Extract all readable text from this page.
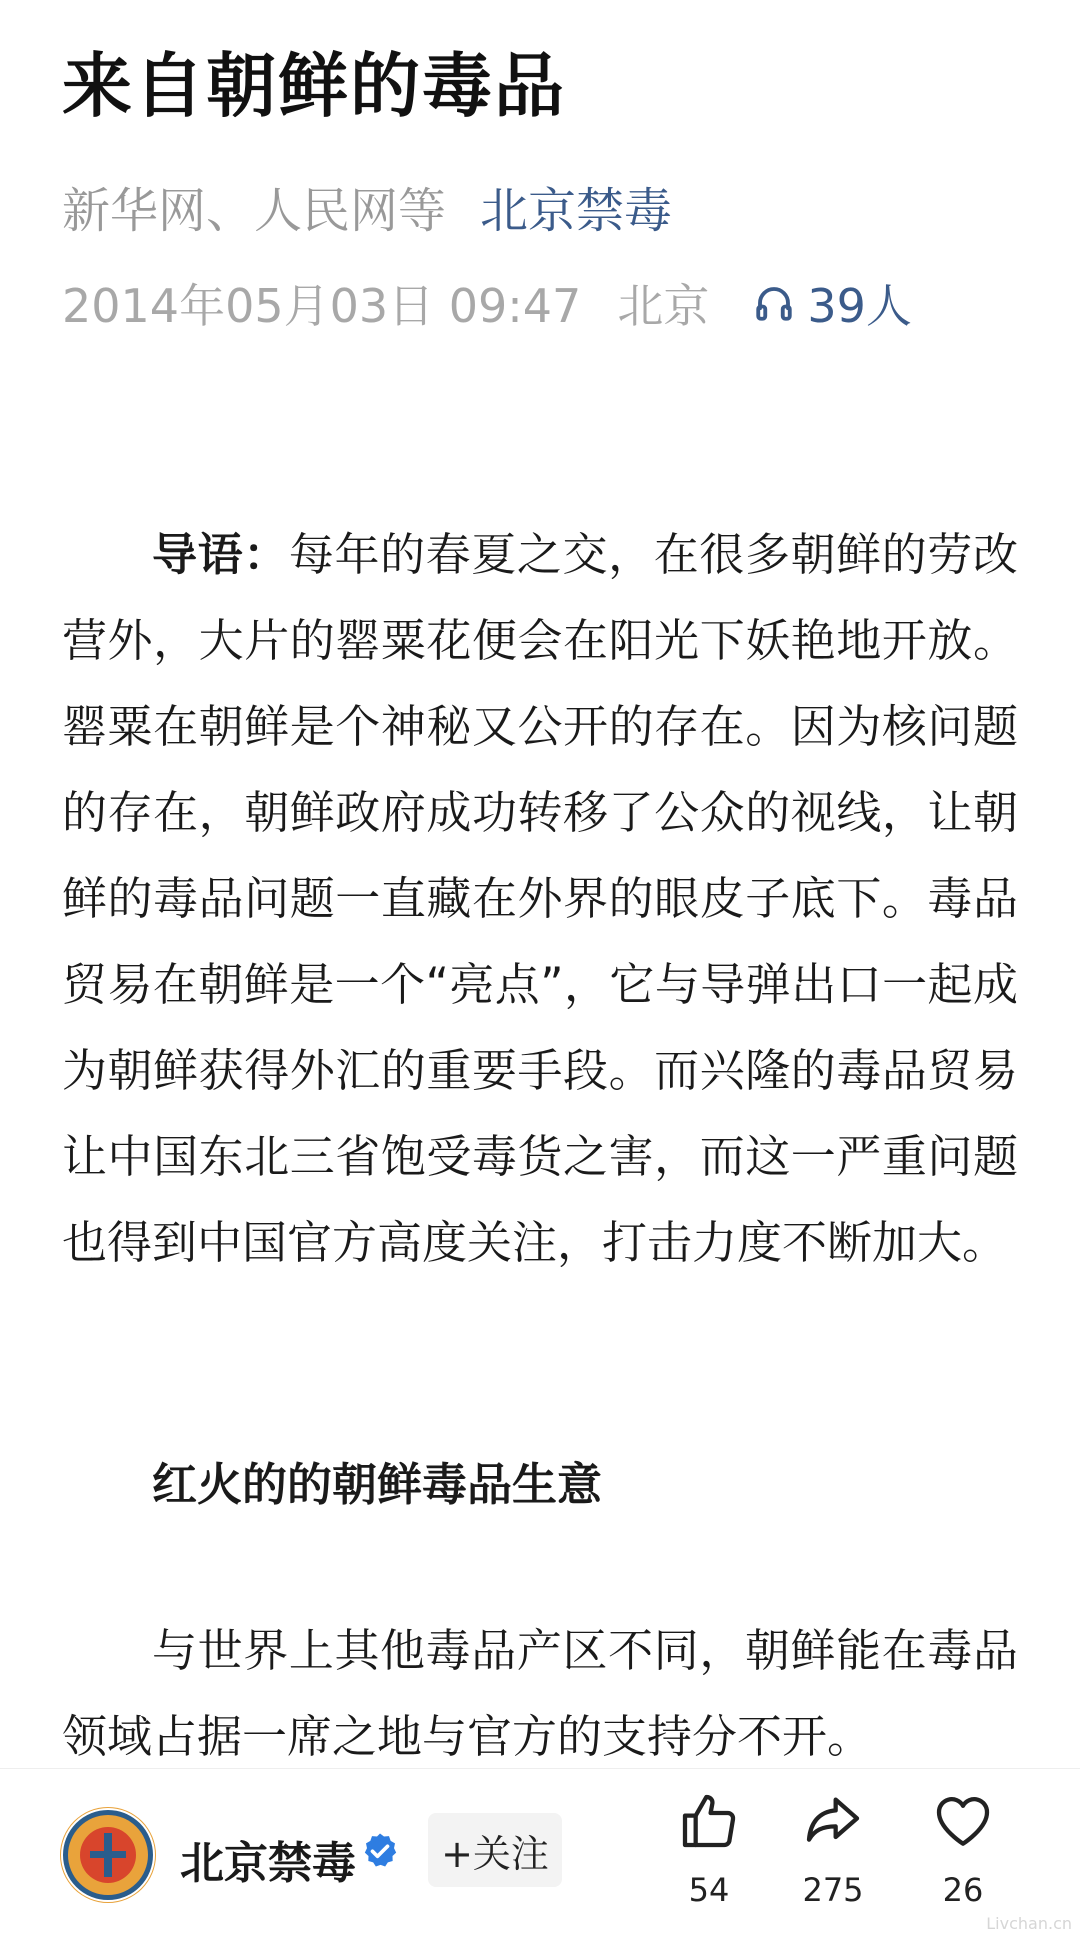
来自朝鲜的毒品
新华网、人民网等 北京禁毒
2014年05月03日 09:47 北京 39人

导语：每年的春夏之交，在很多朝鲜的劳改营外，大片的罂粟花便会在阳光下妖艳地开放。罂粟在朝鲜是个神秘又公开的存在。因为核问题的存在，朝鲜政府成功转移了公众的视线，让朝鲜的毒品问题一直藏在外界的眼皮子底下。毒品贸易在朝鲜是一个“亮点”，它与导弹出口一起成为朝鲜获得外汇的重要手段。而兴隆的毒品贸易让中国东北三省饱受毒货之害，而这一严重问题也得到中国官方高度关注，打击力度不断加大。

红火的的朝鲜毒品生意

与世界上其他毒品产区不同，朝鲜能在毒品领域占据一席之地与官方的支持分不开。

北京禁毒	+关注
54 275 26
Livchan.cn
